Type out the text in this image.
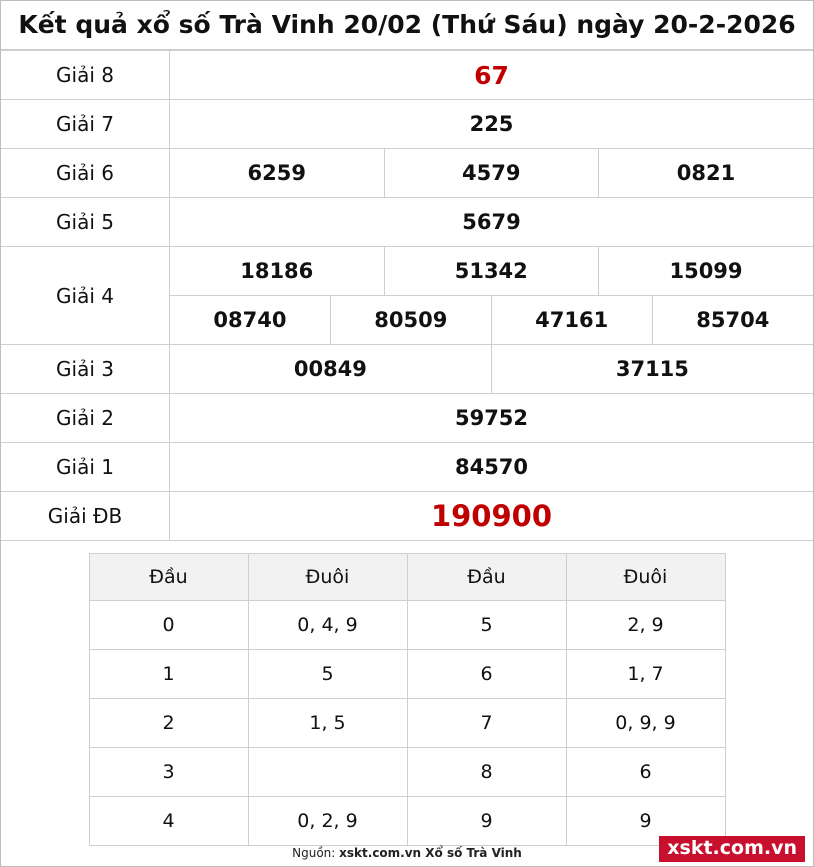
Kết quả xổ số Trà Vinh 20/02 (Thứ Sáu) ngày 20-2-2026
Giải 8	67					
Giải 7	225					
Giải 6	6259		4579		0821	
Giải 5	5679					
Giải 4	18186		51342		15099	
	08740	80509		47161		85704
Giải 3	00849			37115		
Giải 2	59752					
Giải 1	84570					
Giải ĐB	190900					
Đầu	Đuôi	Đầu	Đuôi
0	0, 4, 9	5	2, 9
1	5	6	1, 7
2	1, 5	7	0, 9, 9
3		8	6
4	0, 2, 9	9	9
Nguồn: xskt.com.vn Xổ số Trà Vinh	xskt.com.vn
